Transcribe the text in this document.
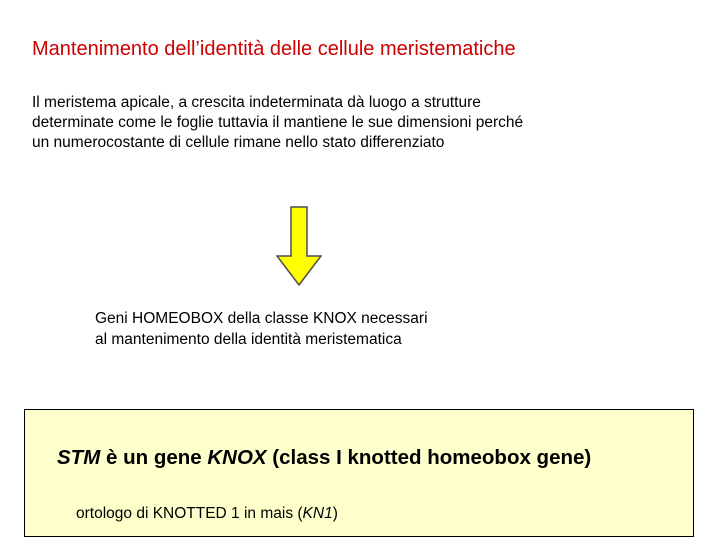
Mantenimento dell’identità delle cellule meristematiche
Il meristema apicale, a crescita indeterminata dà luogo a strutture
determinate come le foglie tuttavia il mantiene le sue dimensioni perché
un numerocostante di cellule rimane nello stato differenziato
Geni HOMEOBOX della classe KNOX necessari
al mantenimento della identità meristematica
STM è un gene KNOX (class I knotted homeobox gene)
ortologo di KNOTTED 1 in mais (KN1)
